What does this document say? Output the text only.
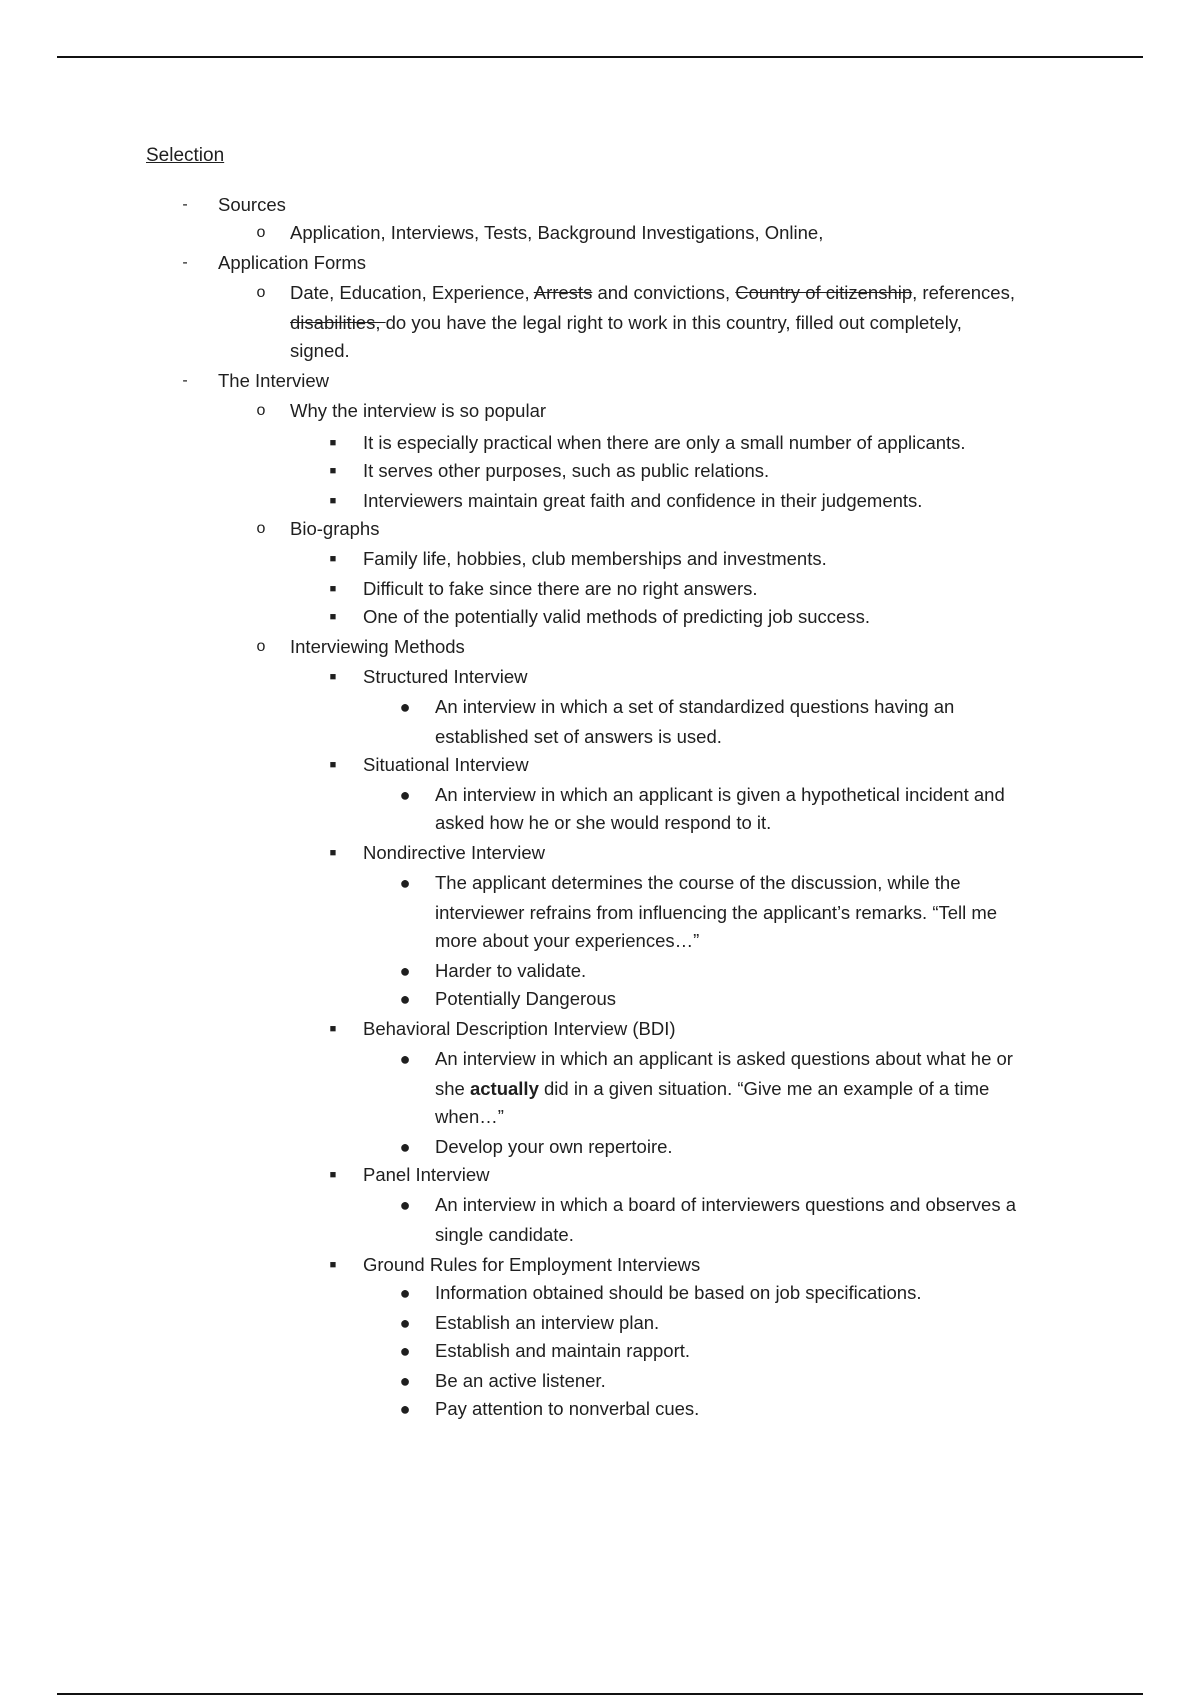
Selection
-	Sources
o Application, Interviews, Tests, Background Investigations, Online,
-	Application Forms
o Date, Education, Experience, Arrests and convictions, Country of citizenship, references,
disabilities, do you have the legal right to work in this country, filled out completely,
signed.
-	The Interview
o Why the interview is so popular
■	It is especially practical when there are only a small number of applicants.
■	It serves other purposes, such as public relations.
■	Interviewers maintain great faith and confidence in their judgements.
o Bio-graphs
■	Family life, hobbies, club memberships and investments.
■	Difficult to fake since there are no right answers.
■	One of the potentially valid methods of predicting job success.
o Interviewing Methods
■	Structured Interview
● An interview in which a set of standardized questions having an
established set of answers is used.
■	Situational Interview
● An interview in which an applicant is given a hypothetical incident and
asked how he or she would respond to it.
■	Nondirective Interview
● The applicant determines the course of the discussion, while the
interviewer refrains from influencing the applicant’s remarks. “Tell me
more about your experiences…”
● Harder to validate.
● Potentially Dangerous
■	Behavioral Description Interview (BDI)
● An interview in which an applicant is asked questions about what he or
she actually did in a given situation. “Give me an example of a time
when…”
● Develop your own repertoire.
■	Panel Interview
● An interview in which a board of interviewers questions and observes a
single candidate.
■	Ground Rules for Employment Interviews
● Information obtained should be based on job specifications.
● Establish an interview plan.
● Establish and maintain rapport.
● Be an active listener.
● Pay attention to nonverbal cues.
